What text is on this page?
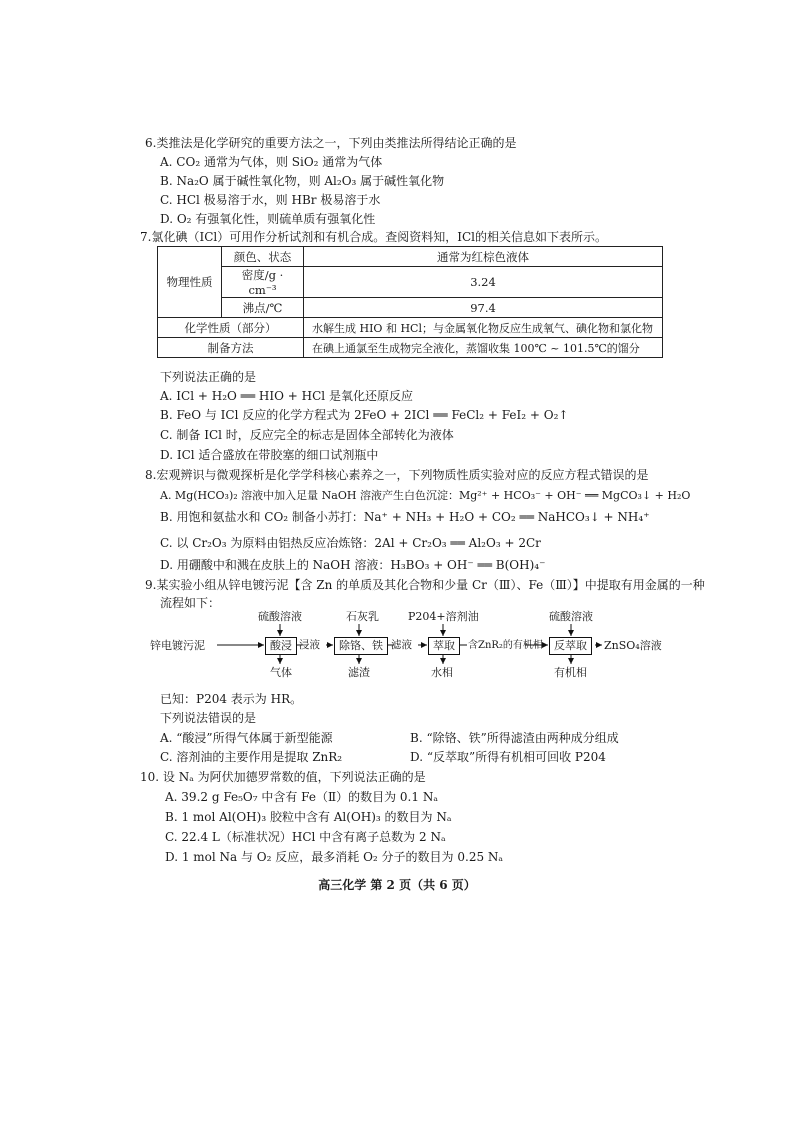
6.类推法是化学研究的重要方法之一，下列由类推法所得结论正确的是
A. CO₂ 通常为气体，则 SiO₂ 通常为气体
B. Na₂O 属于碱性氧化物，则 Al₂O₃ 属于碱性氧化物
C. HCl 极易溶于水，则 HBr 极易溶于水
D. O₂ 有强氧化性，则硫单质有强氧化性
7.氯化碘（ICl）可用作分析试剂和有机合成。查阅资料知，ICl的相关信息如下表所示。
物理性质	颜色、状态	通常为红棕色液体
	密度/g · cm⁻³	3.24
	沸点/℃	97.4
化学性质（部分）		水解生成 HIO 和 HCl；与金属氧化物反应生成氧气、碘化物和氯化物
制备方法		在碘上通氯至生成物完全液化，蒸馏收集 100℃ ~ 101.5℃的馏分
下列说法正确的是
A. ICl + H₂O ══ HIO + HCl 是氧化还原反应
B. FeO 与 ICl 反应的化学方程式为 2FeO + 2ICl ══ FeCl₂ + FeI₂ + O₂↑
C. 制备 ICl 时，反应完全的标志是固体全部转化为液体
D. ICl 适合盛放在带胶塞的细口试剂瓶中
8.宏观辨识与微观探析是化学学科核心素养之一，下列物质性质实验对应的反应方程式错误的是
A. Mg(HCO₃)₂ 溶液中加入足量 NaOH 溶液产生白色沉淀：Mg²⁺ + HCO₃⁻ + OH⁻ ══ MgCO₃↓ + H₂O
B. 用饱和氨盐水和 CO₂ 制备小苏打：Na⁺ + NH₃ + H₂O + CO₂ ══ NaHCO₃↓ + NH₄⁺
C. 以 Cr₂O₃ 为原料由铝热反应冶炼铬：2Al + Cr₂O₃ ══ Al₂O₃ + 2Cr
D. 用硼酸中和溅在皮肤上的 NaOH 溶液：H₃BO₃ + OH⁻ ══ B(OH)₄⁻
9.某实验小组从锌电镀污泥【含 Zn 的单质及其化合物和少量 Cr（Ⅲ）、Fe（Ⅲ）】中提取有用金属的一种
流程如下：
硫酸溶液	石灰乳	P204+溶剂油	硫酸溶液
锌电镀污泥	酸浸 浸液	除铬、铁 滤液	萃取	含ZnR₂的有机相	反萃取	ZnSO₄溶液
气体	滤渣	水相	有机相
已知：P204 表示为 HR。
下列说法错误的是
A. “酸浸”所得气体属于新型能源	B. “除铬、铁”所得滤渣由两种成分组成
C. 溶剂油的主要作用是提取 ZnR₂	D. “反萃取”所得有机相可回收 P204
10. 设 Nₐ 为阿伏加德罗常数的值，下列说法正确的是
A. 39.2 g Fe₅O₇ 中含有 Fe（Ⅱ）的数目为 0.1 Nₐ
B. 1 mol Al(OH)₃ 胶粒中含有 Al(OH)₃ 的数目为 Nₐ
C. 22.4 L（标准状况）HCl 中含有离子总数为 2 Nₐ
D. 1 mol Na 与 O₂ 反应，最多消耗 O₂ 分子的数目为 0.25 Nₐ
高三化学 第 2 页（共 6 页）
